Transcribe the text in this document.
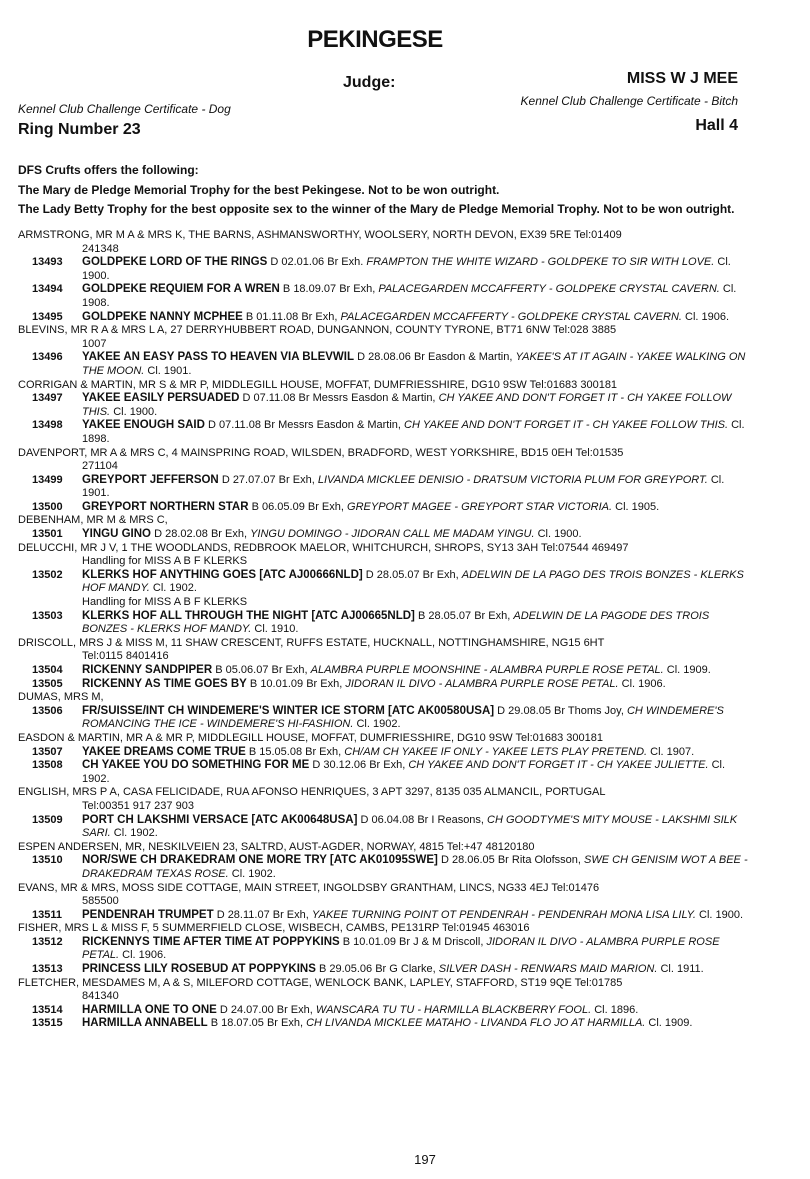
PEKINGESE
Judge:	MISS W J MEE
Kennel Club Challenge Certificate - Dog
Kennel Club Challenge Certificate - Bitch
Ring Number 23	Hall 4
DFS Crufts offers the following:
The Mary de Pledge Memorial Trophy for the best Pekingese. Not to be won outright.
The Lady Betty Trophy for the best opposite sex to the winner of the Mary de Pledge Memorial Trophy. Not to be won outright.
ARMSTRONG, MR M A & MRS K, THE BARNS, ASHMANSWORTHY, WOOLSERY, NORTH DEVON, EX39 5RE Tel:01409
241348
13493 GOLDPEKE LORD OF THE RINGS D 02.01.06 Br Exh. FRAMPTON THE WHITE WIZARD - GOLDPEKE TO SIR WITH LOVE. Cl. 1900.
13494 GOLDPEKE REQUIEM FOR A WREN B 18.09.07 Br Exh, PALACEGARDEN MCCAFFERTY - GOLDPEKE CRYSTAL CAVERN. Cl. 1908.
13495 GOLDPEKE NANNY MCPHEE B 01.11.08 Br Exh, PALACEGARDEN MCCAFFERTY - GOLDPEKE CRYSTAL CAVERN. Cl. 1906.
BLEVINS, MR R A & MRS L A, 27 DERRYHUBBERT ROAD, DUNGANNON, COUNTY TYRONE, BT71 6NW Tel:028 3885
1007
13496 YAKEE AN EASY PASS TO HEAVEN VIA BLEVWIL D 28.08.06 Br Easdon & Martin, YAKEE'S AT IT AGAIN - YAKEE WALKING ON THE MOON. Cl. 1901.
CORRIGAN & MARTIN, MR S & MR P, MIDDLEGILL HOUSE, MOFFAT, DUMFRIESSHIRE, DG10 9SW Tel:01683 300181
13497 YAKEE EASILY PERSUADED D 07.11.08 Br Messrs Easdon & Martin, CH YAKEE AND DON'T FORGET IT - CH YAKEE FOLLOW THIS. Cl. 1900.
13498 YAKEE ENOUGH SAID D 07.11.08 Br Messrs Easdon & Martin, CH YAKEE AND DON'T FORGET IT - CH YAKEE FOLLOW THIS. Cl. 1898.
DAVENPORT, MR A & MRS C, 4 MAINSPRING ROAD, WILSDEN, BRADFORD, WEST YORKSHIRE, BD15 0EH Tel:01535
271104
13499 GREYPORT JEFFERSON D 27.07.07 Br Exh, LIVANDA MICKLEE DENISIO - DRATSUM VICTORIA PLUM FOR GREYPORT. Cl. 1901.
13500 GREYPORT NORTHERN STAR B 06.05.09 Br Exh, GREYPORT MAGEE - GREYPORT STAR VICTORIA. Cl. 1905.
DEBENHAM, MR M & MRS C,
13501 YINGU GINO D 28.02.08 Br Exh, YINGU DOMINGO - JIDORAN CALL ME MADAM YINGU. Cl. 1900.
DELUCCHI, MR J V, 1 THE WOODLANDS, REDBROOK MAELOR, WHITCHURCH, SHROPS, SY13 3AH Tel:07544 469497
Handling for MISS A B F KLERKS
13502 KLERKS HOF ANYTHING GOES [ATC AJ00666NLD] D 28.05.07 Br Exh, ADELWIN DE LA PAGO DES TROIS BONZES - KLERKS HOF MANDY. Cl. 1902.
Handling for MISS A B F KLERKS
13503 KLERKS HOF ALL THROUGH THE NIGHT [ATC AJ00665NLD] B 28.05.07 Br Exh, ADELWIN DE LA PAGODE DES TROIS BONZES - KLERKS HOF MANDY. Cl. 1910.
DRISCOLL, MRS J & MISS M, 11 SHAW CRESCENT, RUFFS ESTATE, HUCKNALL, NOTTINGHAMSHIRE, NG15 6HT
Tel:0115 8401416
13504 RICKENNY SANDPIPER B 05.06.07 Br Exh, ALAMBRA PURPLE MOONSHINE - ALAMBRA PURPLE ROSE PETAL. Cl. 1909.
13505 RICKENNY AS TIME GOES BY B 10.01.09 Br Exh, JIDORAN IL DIVO - ALAMBRA PURPLE ROSE PETAL. Cl. 1906.
DUMAS, MRS M,
13506 FR/SUISSE/INT CH WINDEMERE'S WINTER ICE STORM [ATC AK00580USA] D 29.08.05 Br Thoms Joy, CH WINDEMERE'S ROMANCING THE ICE - WINDEMERE'S HI-FASHION. Cl. 1902.
EASDON & MARTIN, MR A & MR P, MIDDLEGILL HOUSE, MOFFAT, DUMFRIESSHIRE, DG10 9SW Tel:01683 300181
13507 YAKEE DREAMS COME TRUE B 15.05.08 Br Exh, CH/AM CH YAKEE IF ONLY - YAKEE LETS PLAY PRETEND. Cl. 1907.
13508 CH YAKEE YOU DO SOMETHING FOR ME D 30.12.06 Br Exh, CH YAKEE AND DON'T FORGET IT - CH YAKEE JULIETTE. Cl. 1902.
ENGLISH, MRS P A, CASA FELICIDADE, RUA AFONSO HENRIQUES, 3 APT 3297, 8135 035 ALMANCIL, PORTUGAL
Tel:00351 917 237 903
13509 PORT CH LAKSHMI VERSACE [ATC AK00648USA] D 06.04.08 Br I Reasons, CH GOODTYME'S MITY MOUSE - LAKSHMI SILK SARI. Cl. 1902.
ESPEN ANDERSEN, MR, NESKILVEIEN 23, SALTRD, AUST-AGDER, NORWAY, 4815 Tel:+47 48120180
13510 NOR/SWE CH DRAKEDRAM ONE MORE TRY [ATC AK01095SWE] D 28.06.05 Br Rita Olofsson, SWE CH GENISIM WOT A BEE - DRAKEDRAM TEXAS ROSE. Cl. 1902.
EVANS, MR & MRS, MOSS SIDE COTTAGE, MAIN STREET, INGOLDSBY GRANTHAM, LINCS, NG33 4EJ Tel:01476
585500
13511 PENDENRAH TRUMPET D 28.11.07 Br Exh, YAKEE TURNING POINT OT PENDENRAH - PENDENRAH MONA LISA LILY. Cl. 1900.
FISHER, MRS L & MISS F, 5 SUMMERFIELD CLOSE, WISBECH, CAMBS, PE131RP Tel:01945 463016
13512 RICKENNYS TIME AFTER TIME AT POPPYKINS B 10.01.09 Br J & M Driscoll, JIDORAN IL DIVO - ALAMBRA PURPLE ROSE PETAL. Cl. 1906.
13513 PRINCESS LILY ROSEBUD AT POPPYKINS B 29.05.06 Br G Clarke, SILVER DASH - RENWARS MAID MARION. Cl. 1911.
FLETCHER, MESDAMES M, A & S, MILEFORD COTTAGE, WENLOCK BANK, LAPLEY, STAFFORD, ST19 9QE Tel:01785
841340
13514 HARMILLA ONE TO ONE D 24.07.00 Br Exh, WANSCARA TU TU - HARMILLA BLACKBERRY FOOL. Cl. 1896.
13515 HARMILLA ANNABELL B 18.07.05 Br Exh, CH LIVANDA MICKLEE MATAHO - LIVANDA FLO JO AT HARMILLA. Cl. 1909.
197
